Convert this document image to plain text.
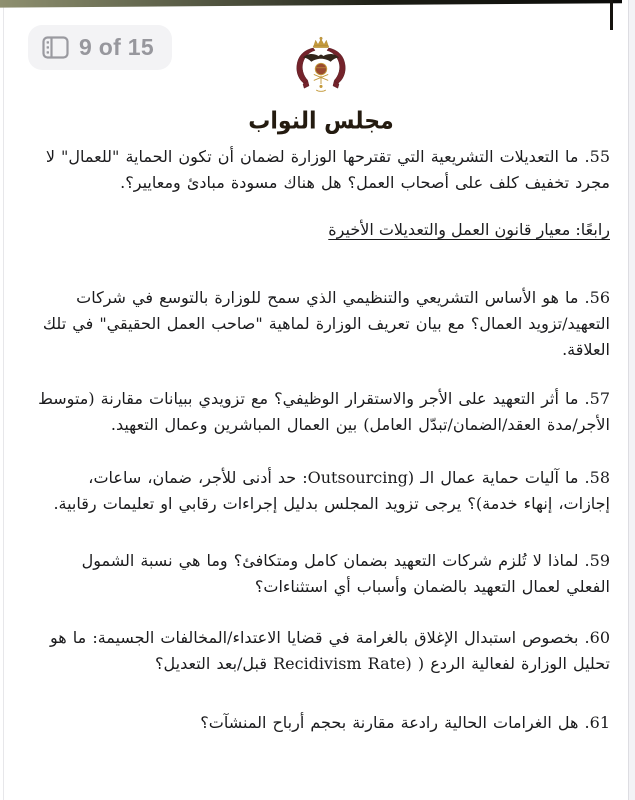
9 of 15
مجلس النواب

55. ما التعديلات التشريعية التي تقترحها الوزارة لضمان أن تكون الحماية "للعمال" لا مجرد تخفيف كلف على أصحاب العمل؟ هل هناك مسودة مبادئ ومعايير؟.

رابعًا: معيار قانون العمل والتعديلات الأخيرة

56. ما هو الأساس التشريعي والتنظيمي الذي سمح للوزارة بالتوسع في شركات التعهيد/تزويد العمال؟ مع بيان تعريف الوزارة لماهية "صاحب العمل الحقيقي" في تلك العلاقة.

57. ما أثر التعهيد على الأجر والاستقرار الوظيفي؟ مع تزويدي ببيانات مقارنة (متوسط الأجر/مدة العقد/الضمان/تبدّل العامل) بين العمال المباشرين وعمال التعهيد.

58. ما آليات حماية عمال الـ (Outsourcing: حد أدنى للأجر، ضمان، ساعات، إجازات، إنهاء خدمة)؟ يرجى تزويد المجلس بدليل إجراءات رقابي او تعليمات رقابية.

59. لماذا لا تُلزم شركات التعهيد بضمان كامل ومتكافئ؟ وما هي نسبة الشمول الفعلي لعمال التعهيد بالضمان وأسباب أي استثناءات؟

60. بخصوص استبدال الإغلاق بالغرامة في قضايا الاعتداء/المخالفات الجسيمة: ما هو تحليل الوزارة لفعالية الردع ( (Recidivism Rate قبل/بعد التعديل؟

61. هل الغرامات الحالية رادعة مقارنة بحجم أرباح المنشآت؟
